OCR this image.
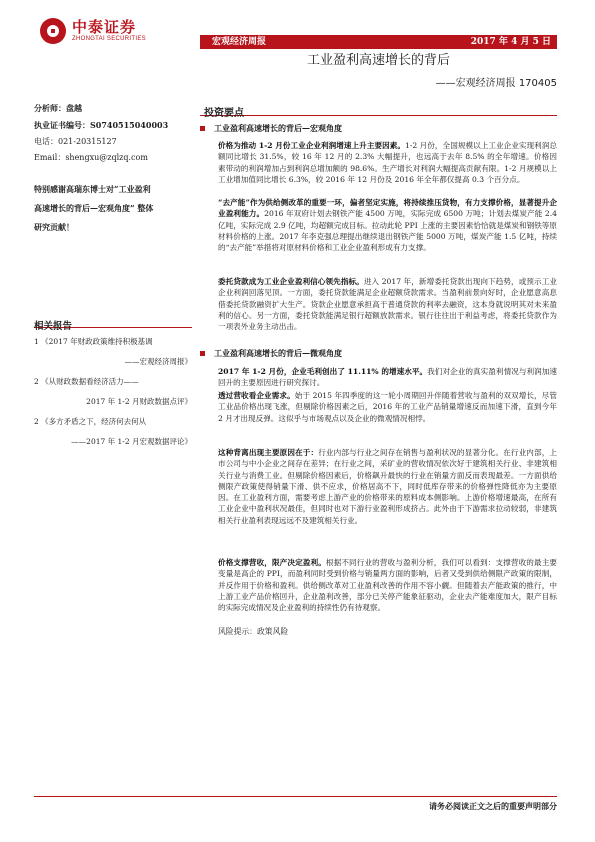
中泰证券
ZHONGTAI SECURITIES	宏观经济周报	2017 年 4 月 5 日
工业盈利高速增长的背后
——宏观经济周报 170405
分析师：盘越
执业证书编号：S0740515040003
电话：021-20315127
Email：shengxu@zqlzq.com
特别感谢高瑞东博士对“工业盈利
高速增长的背后—宏观角度” 整体
研究贡献！
相关报告
1 《2017 年财政政策维持积极基调
——宏观经济周报》
2 《从财政数据看经济活力——
2017 年 1-2 月财政数据点评》
2 《多方矛盾之下，经济何去何从
——2017 年 1-2 月宏观数据评论》
投资要点
工业盈利高速增长的背后—宏观角度
价格为推动 1-2 月份工业企业利润增速上升主要因素。1-2 月份，全国规模以上工业企业实现利润总额同比增长 31.5%，较 16 年 12 月的 2.3% 大幅提升，也远高于去年 8.5% 的全年增速。价格因素带动的利润增加占到利润总增加额的 98.6%。生产增长对利润大幅提高贡献有限。1-2 月规模以上工业增加值同比增长 6.3%，较 2016 年 12 月份及 2016 年全年都仅提高 0.3 个百分点。
“去产能”作为供给侧改革的重要一环，偏者坚定实施，将持续推压货物，有力支撑价格，显著提升企业盈利能力。2016 年双府计划去钢铁产能 4500 万吨，实际完成 6500 万吨；计划去煤炭产能 2.4 亿吨，实际完成 2.9 亿吨，均超额完成目标。拉动此轮 PPI 上涨的主要因素恰恰就是煤炭和钢铁等原材料价格的上涨。2017 年李克强总理提出继续退出钢铁产能 5000 万吨，煤炭产能 1.5 亿吨，持续的“去产能”举措将对原材料价格和工业企业盈利形成有力支撑。
委托贷款成为工业企业盈利信心领先指标。进入 2017 年，新增委托贷款出现向下趋势，或预示工业企业利润回落见顶。一方面，委托贷款能满足企业超额贷款需求。当盈利前景向好时，企业愿意高息借委托贷款融资扩大生产。贷款企业愿意承担高于普通贷款的利率去融资，这本身就说明其对未来盈利的信心。另一方面，委托贷款能满足银行超额放款需求。银行往往出于利益考虑，将委托贷款作为一项表外业务主动出击。
工业盈利高速增长的背后—微观角度
2017 年 1-2 月份，企业毛利创出了 11.11% 的增速水平。我们对企业的真实盈利情况与利润加速回升的主要原因进行研究探讨。
透过营收看企业需求。始于 2015 年四季度的这一轮小周期回升伴随着营收与盈利的双双增长，尽管工业品价格出现飞涨，但剔除价格因素之后，2016 年的工业产品销量增速反而加速下滑，直到今年 2 月才出现反弹。这似乎与市场观点以及企业的微观情况相悖。
这种背离出现主要原因在于：行业内部与行业之间存在销售与盈利状况的显著分化。在行业内部，上市公司与中小企业之间存在差异；在行业之间，采矿业的营收情况依次好于建筑相关行业、非建筑相关行业与消费工业。但剔除价格因素后，价格飙升最快的行业在销量方面反而表现最差。一方面供给侧限产政策使得销量下滑、供不应求，价格居高不下，同时低库存带来的价格弹性降低亦为主要原因。在工业盈利方面，需要考虑上游产业的价格带来的原料成本侧影响。上游价格增速最高，在所有工业企业中盈利状况最佳，但同时也对下游行业盈利形成挤占。此外由于下游需求拉动较弱，非建筑相关行业盈利表现远远不及建筑相关行业。
价格支撑营收，限产决定盈利。根据不同行业的营收与盈利分析，我们可以看到：支撑营收的最主要变量是高企的 PPI，而盈利同时受到价格与销量两方面的影响，后者又受到供给侧限产政策的限制，并反作用于价格和盈利。供给侧改革对工业盈利改善的作用不容小觑。但随着去产能政策的推行，中上游工业产品价格回升，企业盈利改善，部分已关停产能象征驱动，企业去产能难度加大，限产目标的实际完成情况及企业盈利的持续性仍有待观察。
风险提示：政策风险
请务必阅读正文之后的重要声明部分
